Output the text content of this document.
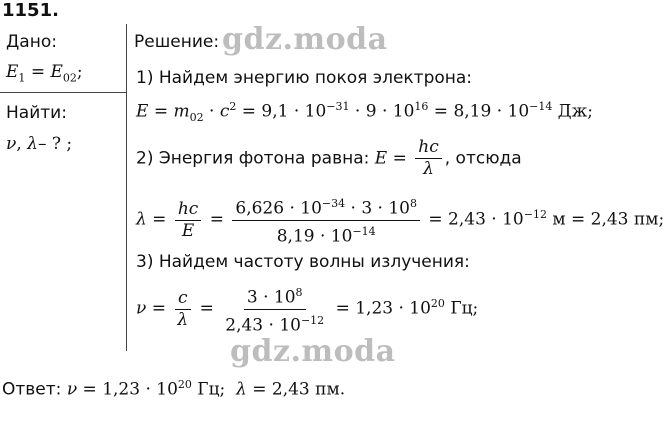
1151.
Дано:
$E_1 = E_{02}$;
Найти:
ν, λ– ? ;
Решение:
1) Найдем энергию покоя электрона:
$E = m_{02} \cdot c^2 = 9,1 \cdot 10^{-31} \cdot 9 \cdot 10^{16} = 8,19 \cdot 10^{-14}$ Дж;
2) Энергия фотона равна: $E = \frac{hc}{\lambda}$ , отсюда
$\lambda = \frac{hc}{E} = \frac{6,626 \cdot 10^{-34} \cdot 3 \cdot 10^8}{8,19 \cdot 10^{-14}} = 2,43 \cdot 10^{-12}$ м = 2,43 пм;
3) Найдем частоту волны излучения:
$\nu = \frac{c}{\lambda} = \frac{3 \cdot 10^8}{2,43 \cdot 10^{-12}} = 1,23 \cdot 10^{20}$ Гц;
Ответ: $\nu = 1,23 \cdot 10^{20}$ Гц;  λ = 2,43 пм.
gdz.moda
gdz.moda
